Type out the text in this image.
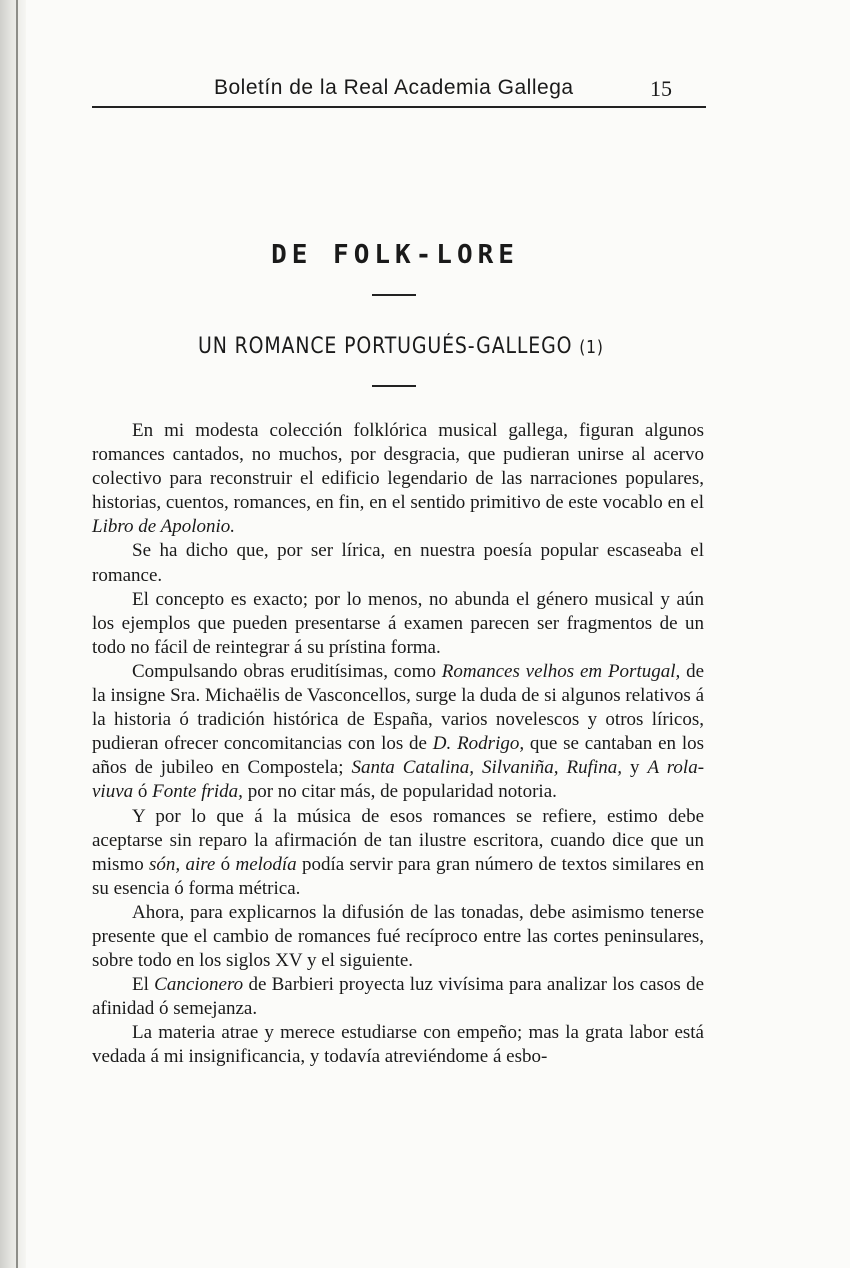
Boletín de la Real Academia Gallega	15
DE FOLK-LORE
UN ROMANCE PORTUGUÉS-GALLEGO (1)

En mi modesta colección folklórica musical gallega, figuran algunos romances cantados, no muchos, por desgracia, que pudieran unirse al acervo colectivo para reconstruir el edificio legendario de las narraciones populares, historias, cuentos, romances, en fin, en el sentido primitivo de este vocablo en el Libro de Apolonio.

Se ha dicho que, por ser lírica, en nuestra poesía popular escaseaba el romance.

El concepto es exacto; por lo menos, no abunda el género musical y aún los ejemplos que pueden presentarse á examen parecen ser fragmentos de un todo no fácil de reintegrar á su prístina forma.

Compulsando obras eruditísimas, como Romances velhos em Portugal, de la insigne Sra. Michaëlis de Vasconcellos, surge la duda de si algunos relativos á la historia ó tradición histórica de España, varios novelescos y otros líricos, pudieran ofrecer concomitancias con los de D. Rodrigo, que se cantaban en los años de jubileo en Compostela; Santa Catalina, Silvaniña, Rufina, y A rola-viuva ó Fonte frida, por no citar más, de popularidad notoria.

Y por lo que á la música de esos romances se refiere, estimo debe aceptarse sin reparo la afirmación de tan ilustre escritora, cuando dice que un mismo són, aire ó melodía podía servir para gran número de textos similares en su esencia ó forma métrica.

Ahora, para explicarnos la difusión de las tonadas, debe asimismo tenerse presente que el cambio de romances fué recíproco entre las cortes peninsulares, sobre todo en los siglos XV y el siguiente.

El Cancionero de Barbieri proyecta luz vivísima para analizar los casos de afinidad ó semejanza.

La materia atrae y merece estudiarse con empeño; mas la grata labor está vedada á mi insignificancia, y todavía atreviéndome á esbo-
